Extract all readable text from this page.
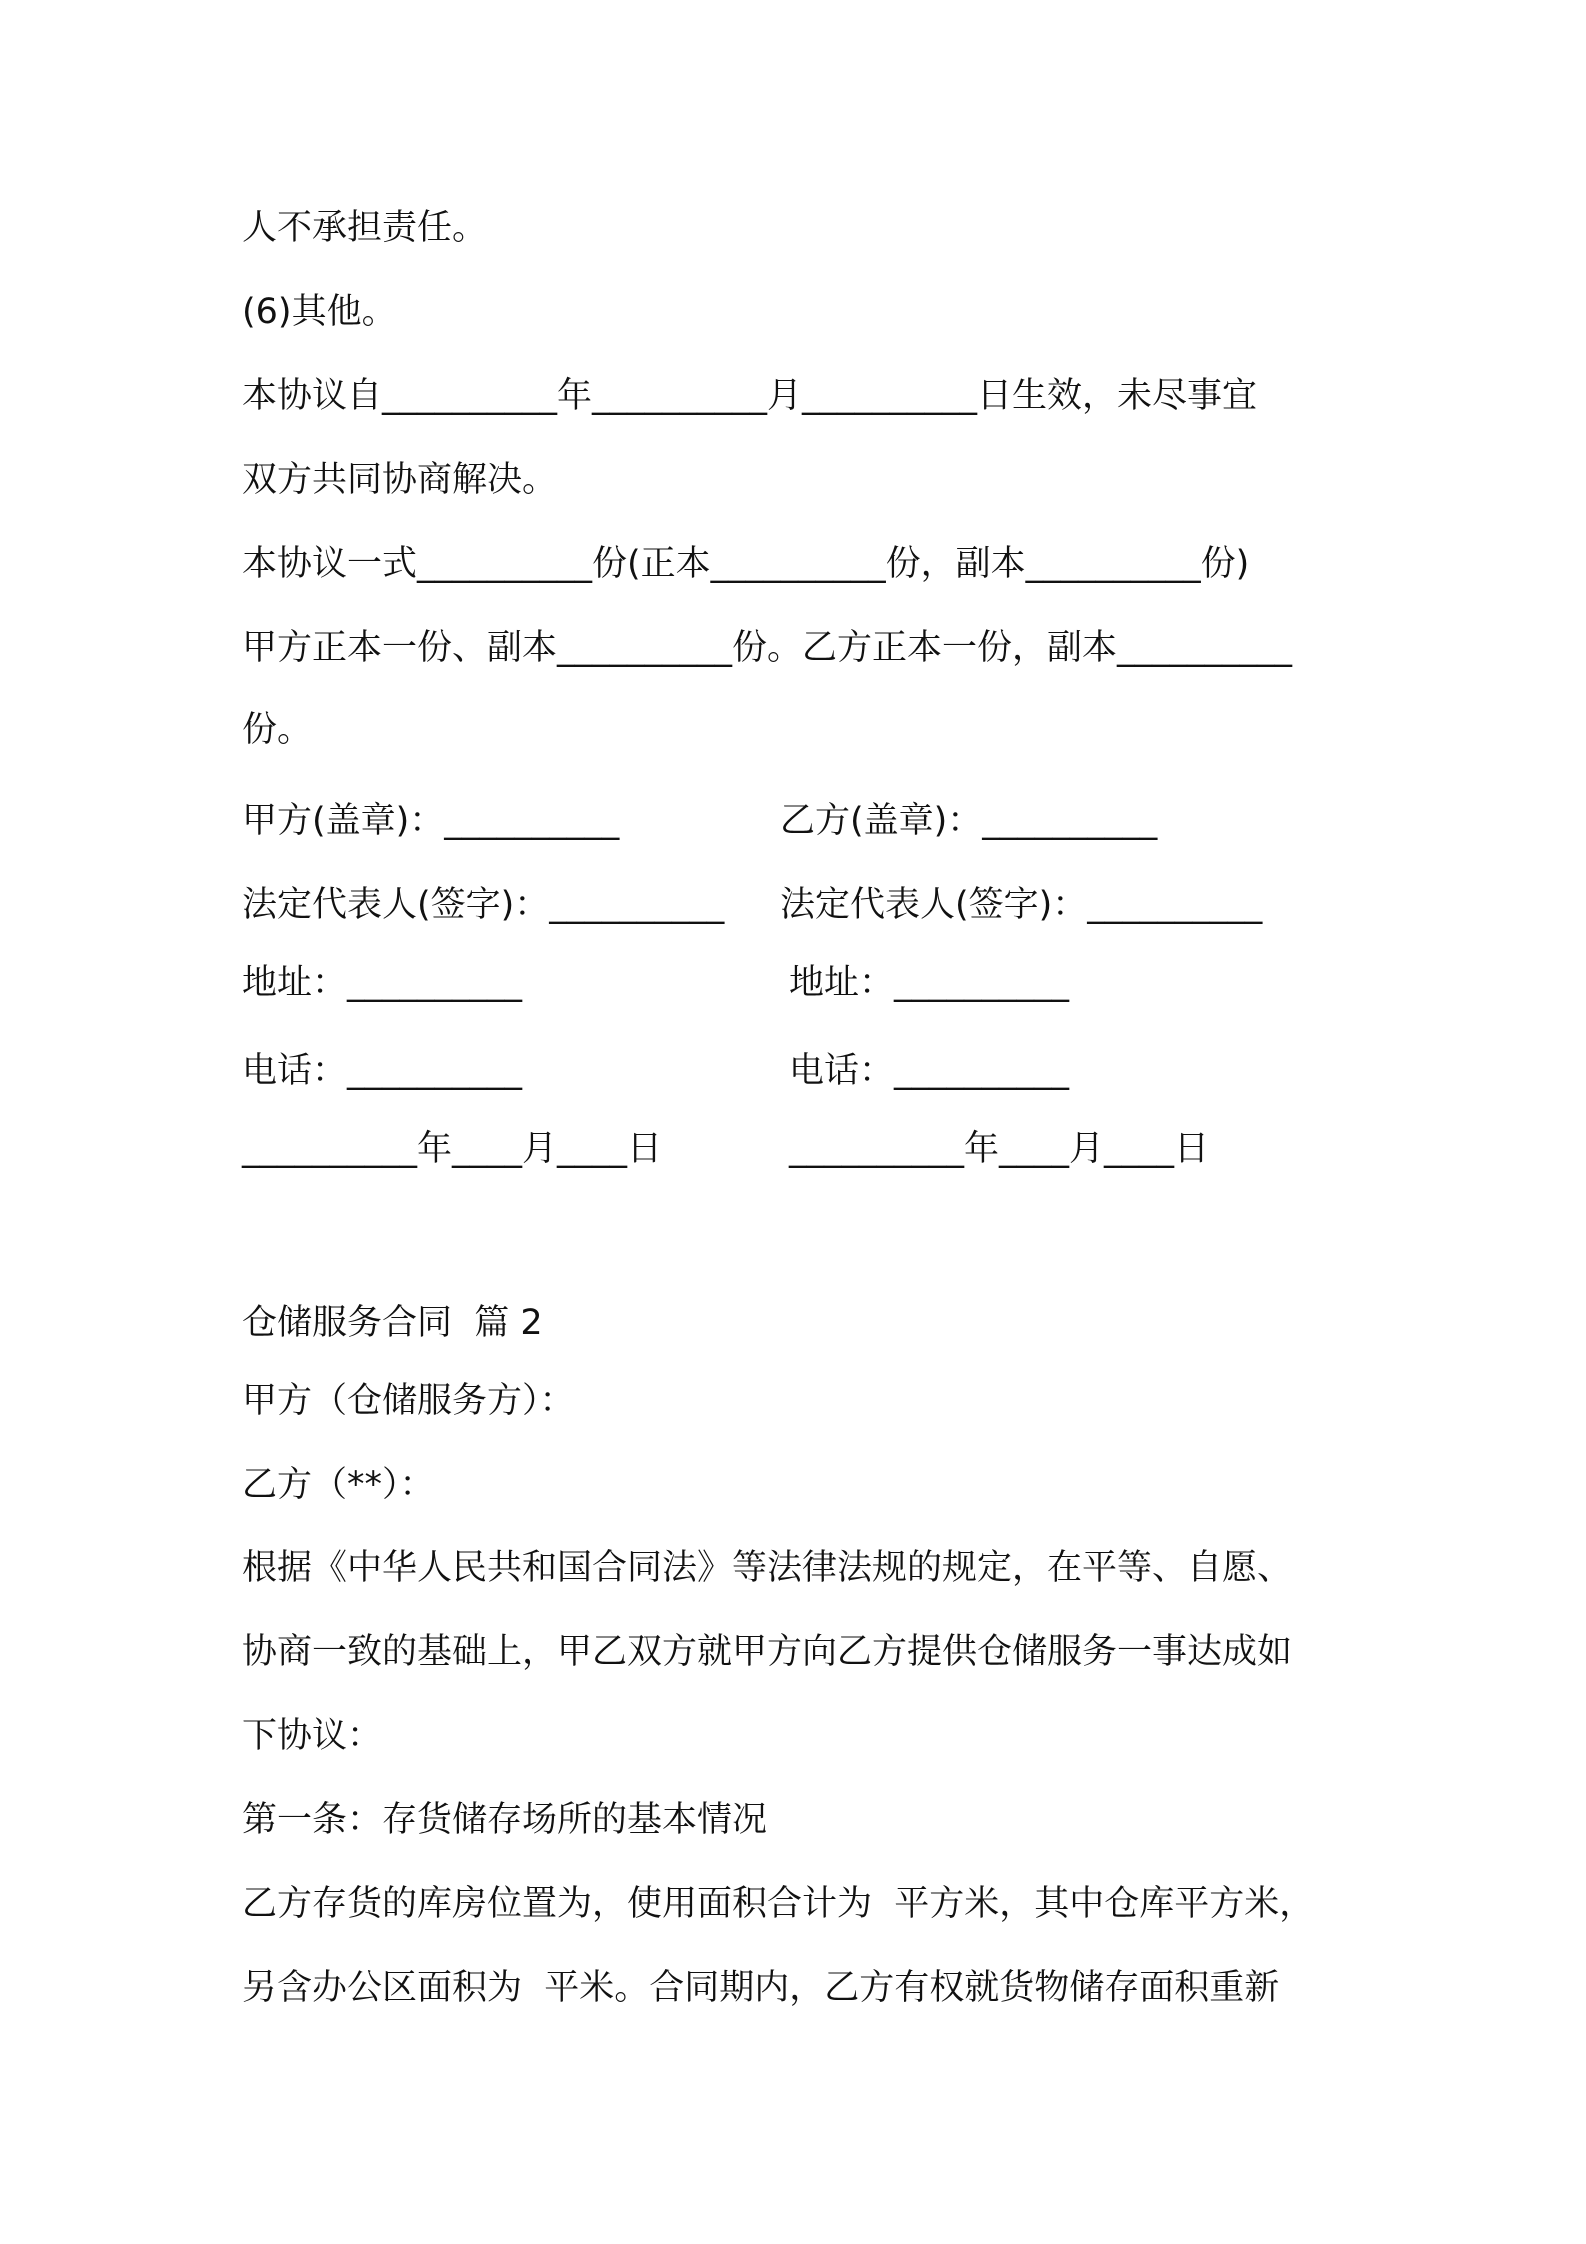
人不承担责任。
(6)其他。
本协议自__________年__________月__________日生效，未尽事宜
双方共同协商解决。
本协议一式__________份(正本__________份，副本__________份)
甲方正本一份、副本__________份。乙方正本一份，副本__________
份。
甲方(盖章)：__________	乙方(盖章)：__________
法定代表人(签字)：__________ 法定代表人(签字)：__________
地址：__________	地址：__________
电话：__________	电话：__________
__________年____月____日	__________年____月____日
仓储服务合同  篇 2
甲方（仓储服务方）：
乙方（**）：
根据《中华人民共和国合同法》等法律法规的规定，在平等、自愿、
协商一致的基础上，甲乙双方就甲方向乙方提供仓储服务一事达成如
下协议：
第一条：存货储存场所的基本情况
乙方存货的库房位置为，使用面积合计为  平方米，其中仓库平方米，
另含办公区面积为  平米。合同期内，乙方有权就货物储存面积重新
